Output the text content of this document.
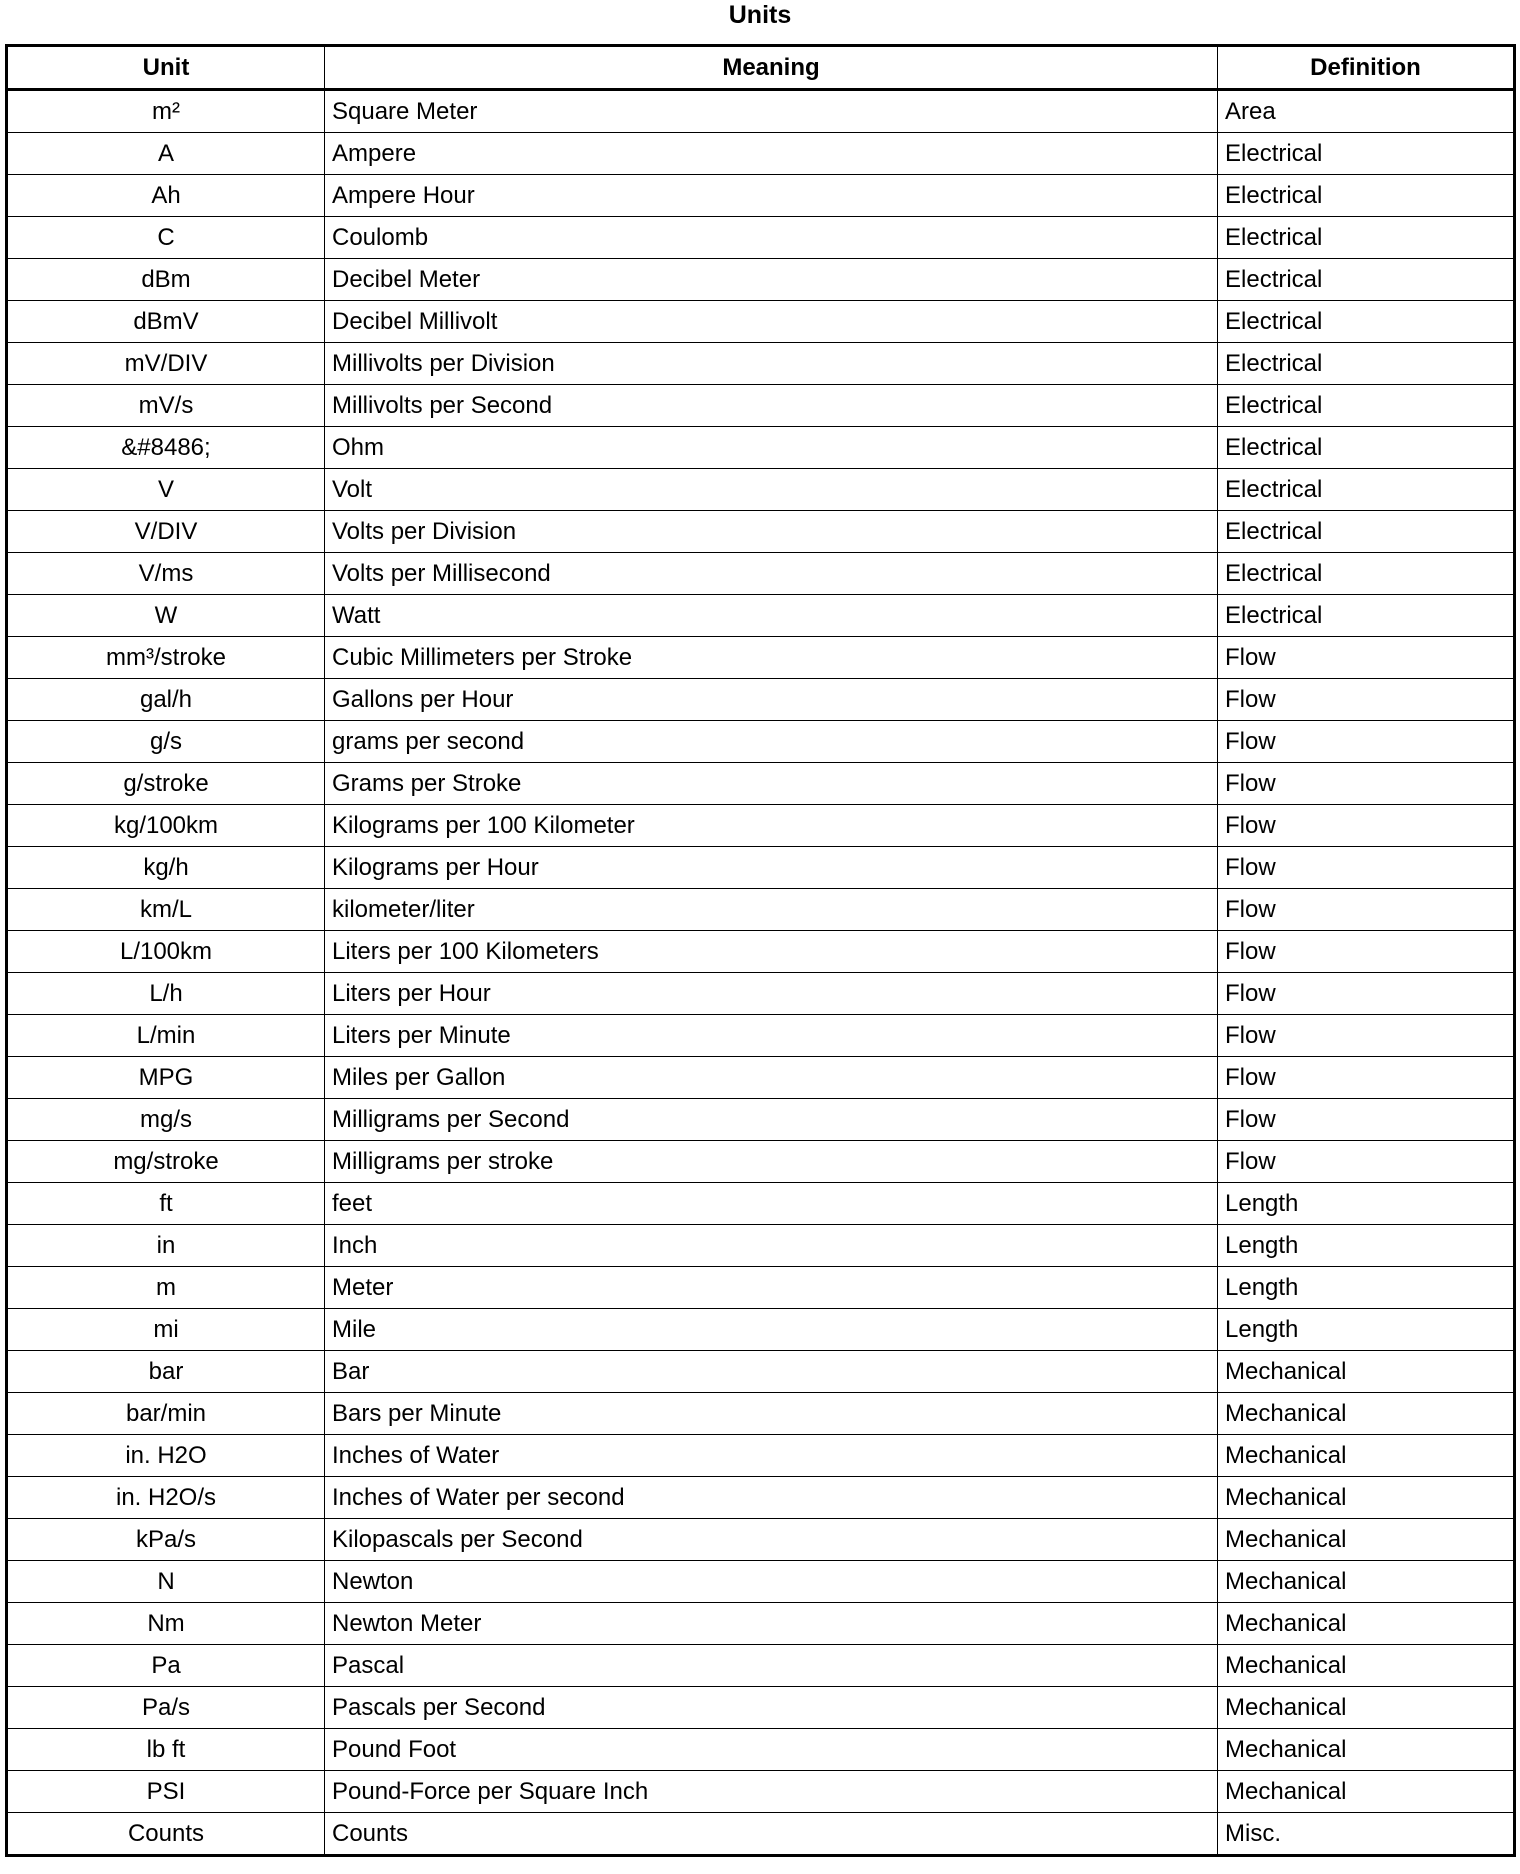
Units
Unit	Meaning	Definition
m²	Square Meter	Area
A	Ampere	Electrical
Ah	Ampere Hour	Electrical
C	Coulomb	Electrical
dBm	Decibel Meter	Electrical
dBmV	Decibel Millivolt	Electrical
mV/DIV	Millivolts per Division	Electrical
mV/s	Millivolts per Second	Electrical
&#8486;	Ohm	Electrical
V	Volt	Electrical
V/DIV	Volts per Division	Electrical
V/ms	Volts per Millisecond	Electrical
W	Watt	Electrical
mm³/stroke	Cubic Millimeters per Stroke	Flow
gal/h	Gallons per Hour	Flow
g/s	grams per second	Flow
g/stroke	Grams per Stroke	Flow
kg/100km	Kilograms per 100 Kilometer	Flow
kg/h	Kilograms per Hour	Flow
km/L	kilometer/liter	Flow
L/100km	Liters per 100 Kilometers	Flow
L/h	Liters per Hour	Flow
L/min	Liters per Minute	Flow
MPG	Miles per Gallon	Flow
mg/s	Milligrams per Second	Flow
mg/stroke	Milligrams per stroke	Flow
ft	feet	Length
in	Inch	Length
m	Meter	Length
mi	Mile	Length
bar	Bar	Mechanical
bar/min	Bars per Minute	Mechanical
in. H2O	Inches of Water	Mechanical
in. H2O/s	Inches of Water per second	Mechanical
kPa/s	Kilopascals per Second	Mechanical
N	Newton	Mechanical
Nm	Newton Meter	Mechanical
Pa	Pascal	Mechanical
Pa/s	Pascals per Second	Mechanical
lb ft	Pound Foot	Mechanical
PSI	Pound-Force per Square Inch	Mechanical
Counts	Counts	Misc.
